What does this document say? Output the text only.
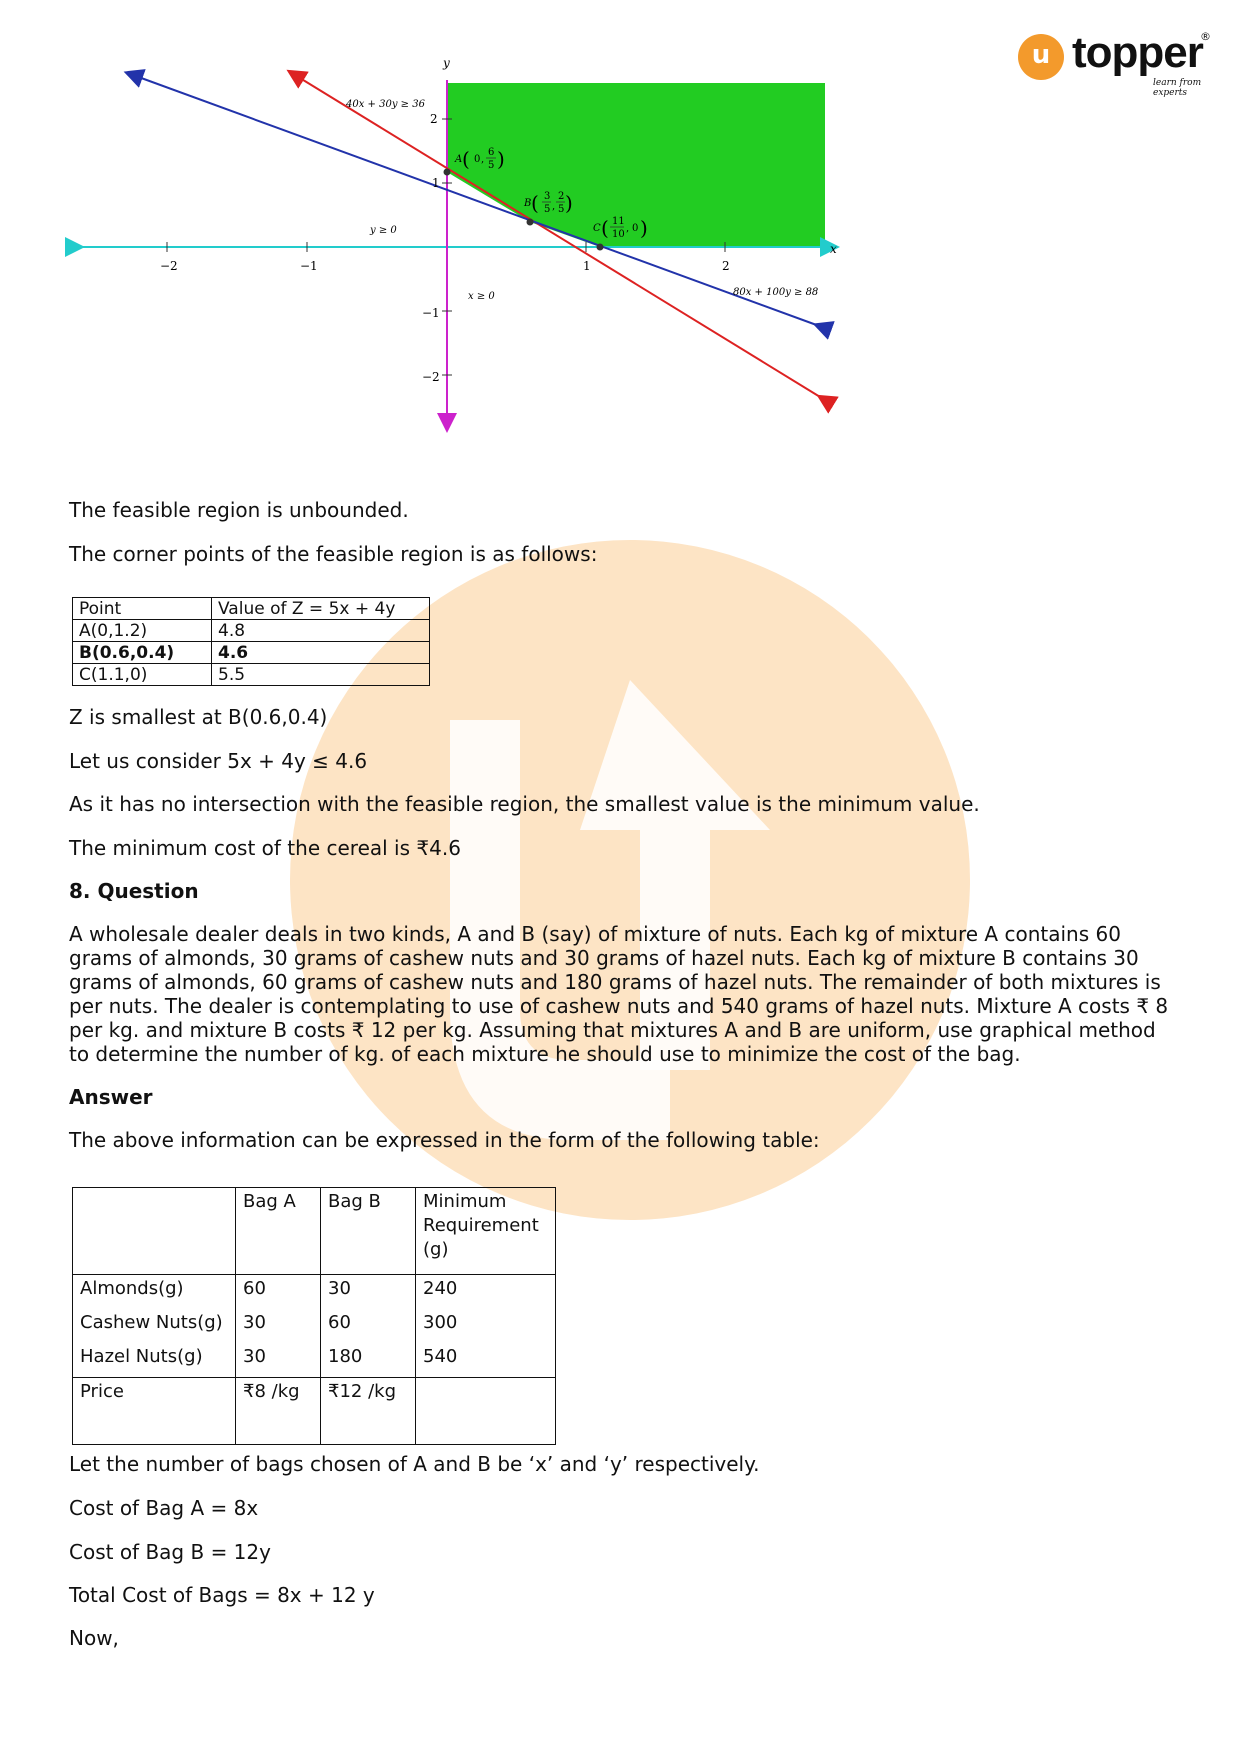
u topper
®
learn from experts
x
y
−2	−1	1	2
2
1
−1
−2
40x + 30y ≥ 36
80x + 100y ≥ 88
y ≥ 0
x ≥ 0
A ( 0 ,
6
5 )
B ( 3
5 ,
2
5 )
C ( 11
10
, 0 )

The feasible region is unbounded.

The corner points of the feasible region is as follows:

Z is smallest at B(0.6,0.4)

Let us consider 5x + 4y ≤ 4.6

As it has no intersection with the feasible region, the smallest value is the minimum value.

The minimum cost of the cereal is ₹4.6

8. Question

A wholesale dealer deals in two kinds, A and B (say) of mixture of nuts. Each kg of mixture A contains 60 grams of almonds, 30 grams of cashew nuts and 30 grams of hazel nuts. Each kg of mixture B contains 30 grams of almonds, 60 grams of cashew nuts and 180 grams of hazel nuts. The remainder of both mixtures is per nuts. The dealer is contemplating to use of cashew nuts and 540 grams of hazel nuts. Mixture A costs ₹ 8 per kg. and mixture B costs ₹ 12 per kg. Assuming that mixtures A and B are uniform, use graphical method to determine the number of kg. of each mixture he should use to minimize the cost of the bag.

Answer

The above information can be expressed in the form of the following table:

Let the number of bags chosen of A and B be ‘x’ and ‘y’ respectively.

Cost of Bag A = 8x

Cost of Bag B = 12y

Total Cost of Bags = 8x + 12 y

Now,

Point	Value of Z = 5x + 4y
A(0,1.2)	4.8
B(0.6,0.4)	4.6
C(1.1,0)	5.5
	Bag A	Bag B	Minimum Requirement (g)
Almonds(g)	60	30	240
Cashew Nuts(g)	30	60	300
Hazel Nuts(g)	30	180	540
Price	₹8 /kg	₹12 /kg	
